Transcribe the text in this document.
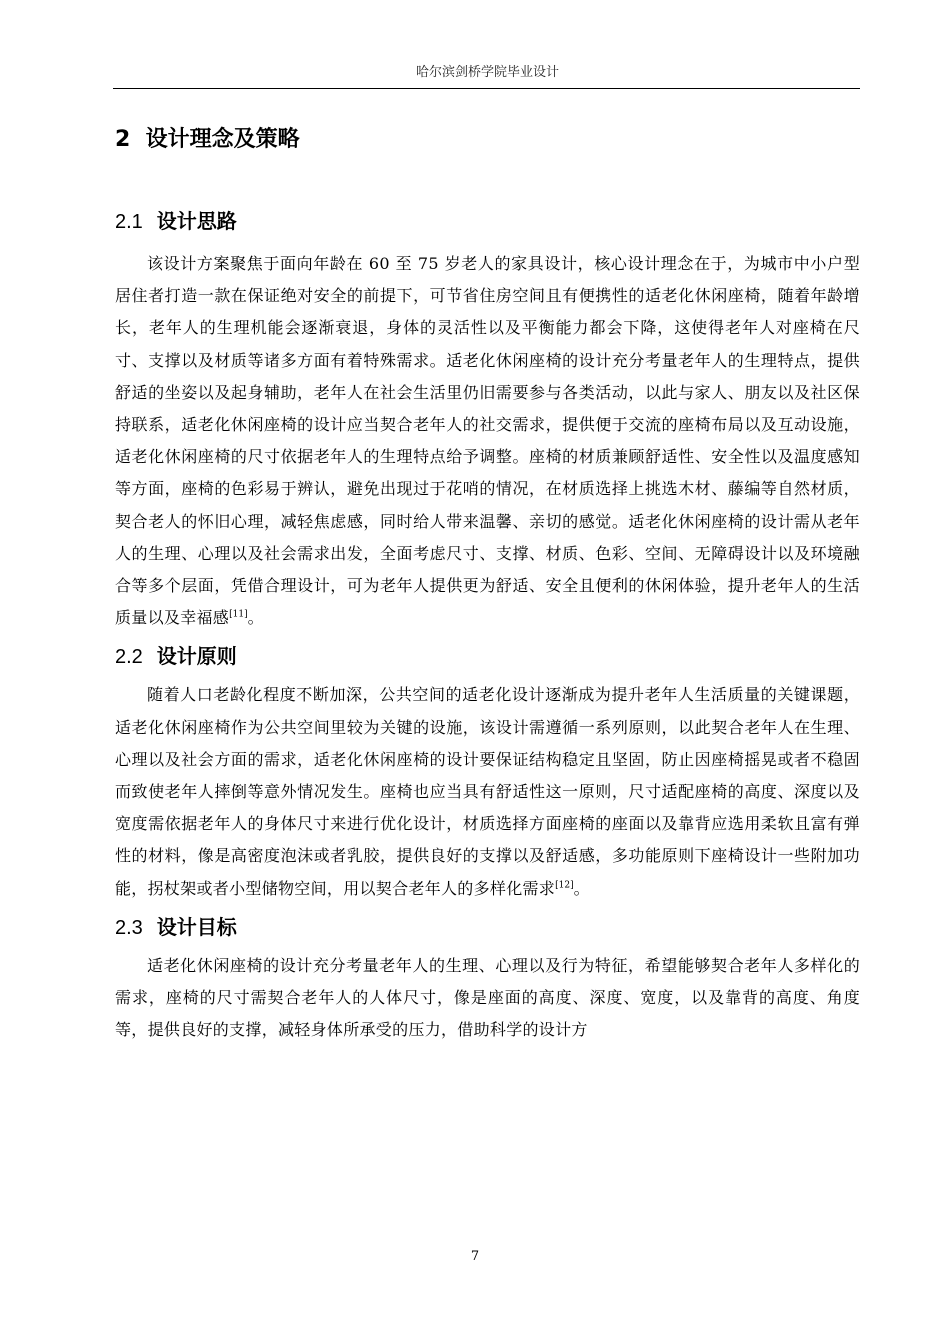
哈尔滨剑桥学院毕业设计
2 设计理念及策略
2.1 设计思路

该设计方案聚焦于面向年龄在 60 至 75 岁老人的家具设计，核心设计理念在于，为城市中小户型居住者打造一款在保证绝对安全的前提下，可节省住房空间且有便携性的适老化休闲座椅，随着年龄增长，老年人的生理机能会逐渐衰退，身体的灵活性以及平衡能力都会下降，这使得老年人对座椅在尺寸、支撑以及材质等诸多方面有着特殊需求。适老化休闲座椅的设计充分考量老年人的生理特点，提供舒适的坐姿以及起身辅助，老年人在社会生活里仍旧需要参与各类活动，以此与家人、朋友以及社区保持联系，适老化休闲座椅的设计应当契合老年人的社交需求，提供便于交流的座椅布局以及互动设施，适老化休闲座椅的尺寸依据老年人的生理特点给予调整。座椅的材质兼顾舒适性、安全性以及温度感知等方面，座椅的色彩易于辨认，避免出现过于花哨的情况，在材质选择上挑选木材、藤编等自然材质，契合老人的怀旧心理，减轻焦虑感，同时给人带来温馨、亲切的感觉。适老化休闲座椅的设计需从老年人的生理、心理以及社会需求出发，全面考虑尺寸、支撑、材质、色彩、空间、无障碍设计以及环境融合等多个层面，凭借合理设计，可为老年人提供更为舒适、安全且便利的休闲体验，提升老年人的生活质量以及幸福感[11]。

2.2 设计原则

随着人口老龄化程度不断加深，公共空间的适老化设计逐渐成为提升老年人生活质量的关键课题，适老化休闲座椅作为公共空间里较为关键的设施，该设计需遵循一系列原则，以此契合老年人在生理、心理以及社会方面的需求，适老化休闲座椅的设计要保证结构稳定且坚固，防止因座椅摇晃或者不稳固而致使老年人摔倒等意外情况发生。座椅也应当具有舒适性这一原则，尺寸适配座椅的高度、深度以及宽度需依据老年人的身体尺寸来进行优化设计，材质选择方面座椅的座面以及靠背应选用柔软且富有弹性的材料，像是高密度泡沫或者乳胶，提供良好的支撑以及舒适感，多功能原则下座椅设计一些附加功能，拐杖架或者小型储物空间，用以契合老年人的多样化需求[12]。

2.3 设计目标

适老化休闲座椅的设计充分考量老年人的生理、心理以及行为特征，希望能够契合老年人多样化的需求，座椅的尺寸需契合老年人的人体尺寸，像是座面的高度、深度、宽度，以及靠背的高度、角度等，提供良好的支撑，减轻身体所承受的压力，借助科学的设计方

7
